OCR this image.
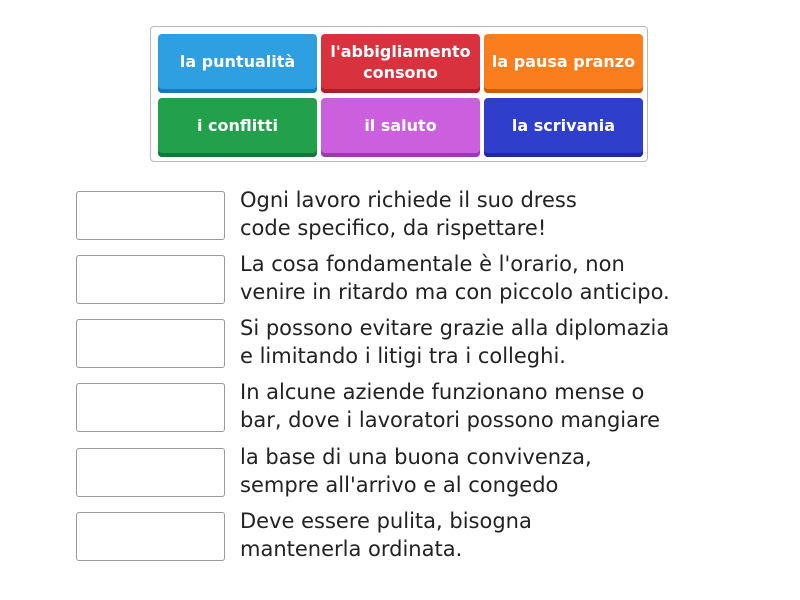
la puntualità
l'abbigliamento consono
la pausa pranzo
i conflitti	il saluto	la scrivania
Ogni lavoro richiede il suo dress
code specifico, da rispettare!
La cosa fondamentale è l'orario, non
venire in ritardo ma con piccolo anticipo.
Si possono evitare grazie alla diplomazia
e limitando i litigi tra i colleghi.
In alcune aziende funzionano mense o
bar, dove i lavoratori possono mangiare
la base di una buona convivenza,
sempre all'arrivo e al congedo
Deve essere pulita, bisogna
mantenerla ordinata.
